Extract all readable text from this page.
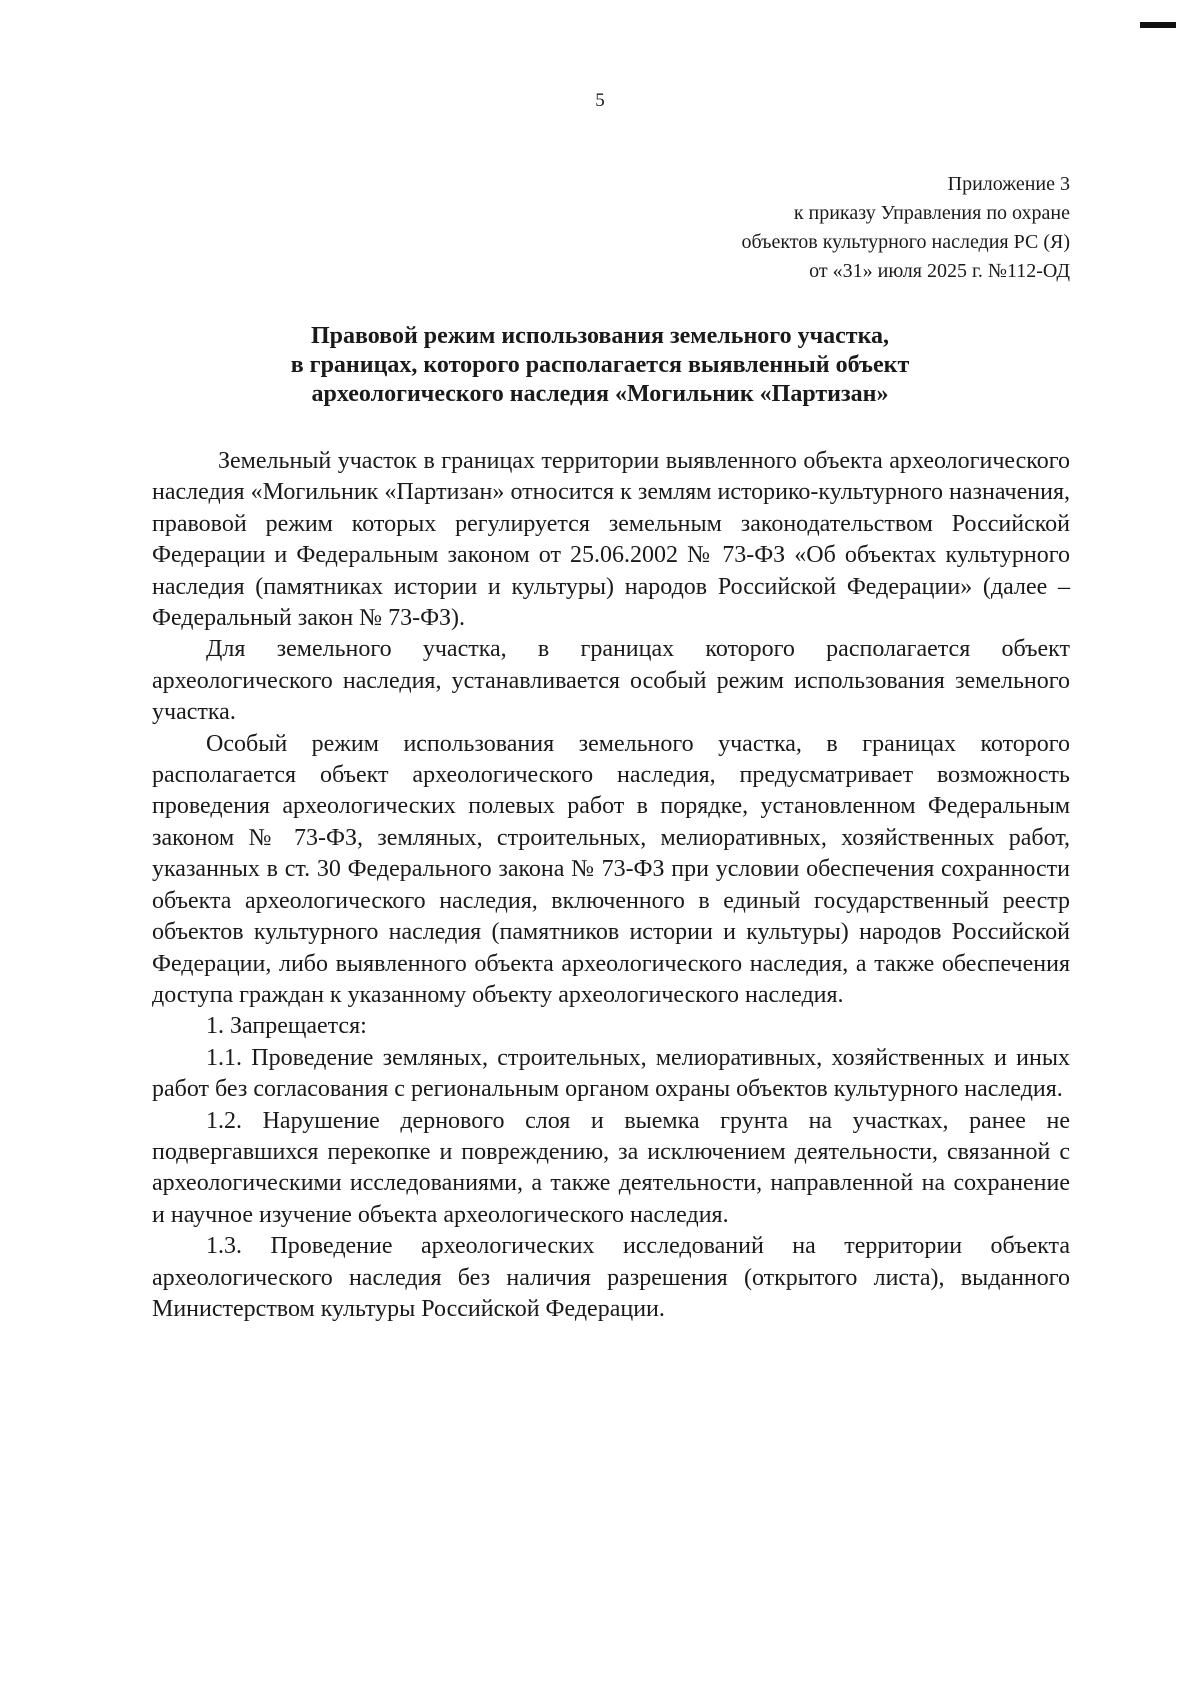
5
Приложение 3
к приказу Управления по охране
объектов культурного наследия РС (Я)
от «31» июля 2025 г. №112-ОД
Правовой режим использования земельного участка,
в границах, которого располагается выявленный объект
археологического наследия «Могильник «Партизан»

Земельный участок в границах территории выявленного объекта археологического наследия «Могильник «Партизан» относится к землям историко-культурного назначения, правовой режим которых регулируется земельным законодательством Российской Федерации и Федеральным законом от 25.06.2002 № 73-ФЗ «Об объектах культурного наследия (памятниках истории и культуры) народов Российской Федерации» (далее – Федеральный закон № 73-ФЗ).

Для земельного участка, в границах которого располагается объект археологического наследия, устанавливается особый режим использования земельного участка.

Особый режим использования земельного участка, в границах которого располагается объект археологического наследия, предусматривает возможность проведения археологических полевых работ в порядке, установленном Федеральным законом № 73-ФЗ, земляных, строительных, мелиоративных, хозяйственных работ, указанных в ст. 30 Федерального закона № 73-ФЗ при условии обеспечения сохранности объекта археологического наследия, включенного в единый государственный реестр объектов культурного наследия (памятников истории и культуры) народов Российской Федерации, либо выявленного объекта археологического наследия, а также обеспечения доступа граждан к указанному объекту археологического наследия.

1. Запрещается:

1.1. Проведение земляных, строительных, мелиоративных, хозяйственных и иных работ без согласования с региональным органом охраны объектов культурного наследия.

1.2. Нарушение дернового слоя и выемка грунта на участках, ранее не подвергавшихся перекопке и повреждению, за исключением деятельности, связанной с археологическими исследованиями, а также деятельности, направленной на сохранение и научное изучение объекта археологического наследия.

1.3. Проведение археологических исследований на территории объекта археологического наследия без наличия разрешения (открытого листа), выданного Министерством культуры Российской Федерации.
